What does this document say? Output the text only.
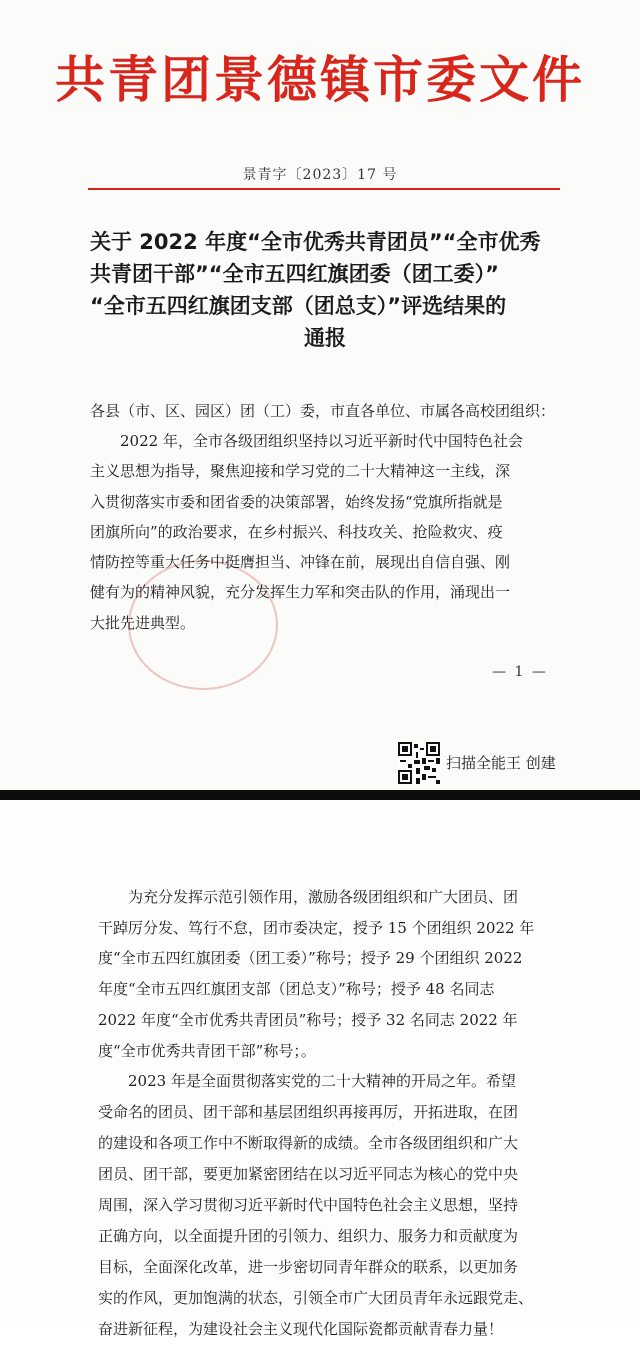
共青团景德镇市委文件
景青字〔2023〕17 号
关于 2022 年度“全市优秀共青团员”“全市优秀
共青团干部”“全市五四红旗团委（团工委）”
“全市五四红旗团支部（团总支）”评选结果的
通报
各县（市、区、园区）团（工）委，市直各单位、市属各高校团组织：
　　2022 年，全市各级团组织坚持以习近平新时代中国特色社会
主义思想为指导，聚焦迎接和学习党的二十大精神这一主线，深
入贯彻落实市委和团省委的决策部署，始终发扬“党旗所指就是
团旗所向”的政治要求，在乡村振兴、科技攻关、抢险救灾、疫
情防控等重大任务中挺膺担当、冲锋在前，展现出自信自强、刚
健有为的精神风貌，充分发挥生力军和突击队的作用，涌现出一
大批先进典型。
— 1 —
扫描全能王 创建
　　为充分发挥示范引领作用，激励各级团组织和广大团员、团
干踔厉分发、笃行不怠，团市委决定，授予 15 个团组织 2022 年
度“全市五四红旗团委（团工委）”称号；授予 29 个团组织 2022
年度“全市五四红旗团支部（团总支）”称号；授予 48 名同志
2022 年度“全市优秀共青团员”称号；授予 32 名同志 2022 年
度“全市优秀共青团干部”称号；。
　　2023 年是全面贯彻落实党的二十大精神的开局之年。希望
受命名的团员、团干部和基层团组织再接再厉，开拓进取，在团
的建设和各项工作中不断取得新的成绩。全市各级团组织和广大
团员、团干部，要更加紧密团结在以习近平同志为核心的党中央
周围，深入学习贯彻习近平新时代中国特色社会主义思想，坚持
正确方向，以全面提升团的引领力、组织力、服务力和贡献度为
目标，全面深化改革，进一步密切同青年群众的联系，以更加务
实的作风，更加饱满的状态，引领全市广大团员青年永远跟党走、
奋进新征程，为建设社会主义现代化国际瓷都贡献青春力量！
